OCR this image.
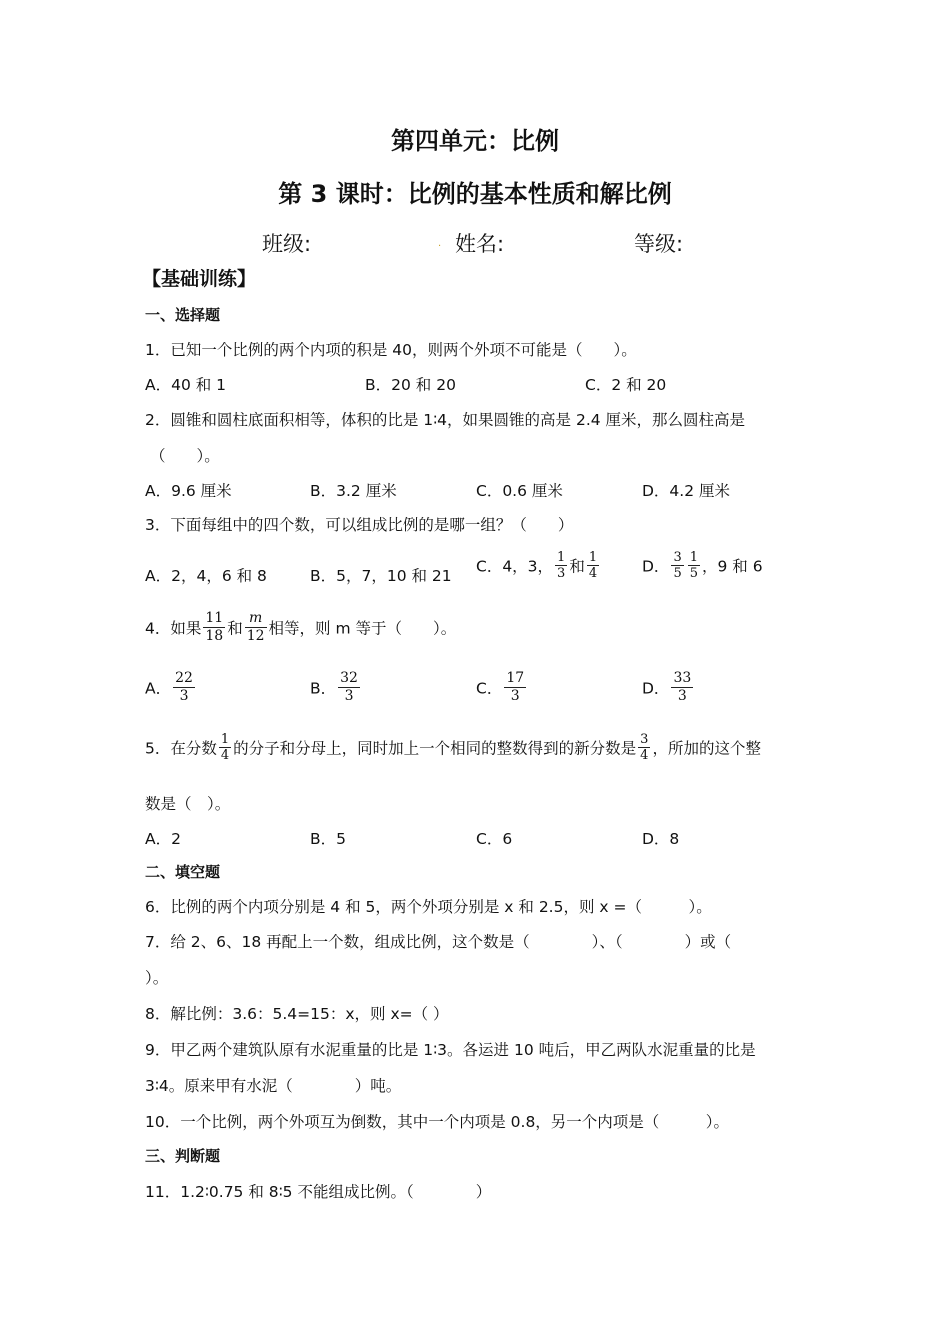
第四单元：比例
第 3 课时：比例的基本性质和解比例
班级:	. 姓名:	等级:
【基础训练】
一、选择题
1．已知一个比例的两个内项的积是 40，则两个外项不可能是（　　）。
A．40 和 1	B．20 和 20	C．2 和 20
2．圆锥和圆柱底面积相等，体积的比是 1∶4，如果圆锥的高是 2.4 厘米，那么圆柱高是
（　　）。
A．9.6 厘米	B．3.2 厘米	C．0.6 厘米	D．4.2 厘米
3．下面每组中的四个数，可以组成比例的是哪一组？（　　）
A．2，4，6 和 8	B．5，7，10 和 21
C．4，3， $\frac{1}{3}$ 和 $\frac{1}{4}$	D． $\frac{3}{5} \frac{1}{5}$ ，9 和 6
4．如果 $\frac{11}{18}$ 和 $\frac{m}{12}$ 相等，则 m 等于（　　）。
A． $\frac{22}{3}$	B． $\frac{32}{3}$	C． $\frac{17}{3}$	D． $\frac{33}{3}$
5．在分数 $\frac{1}{4}$ 的分子和分母上，同时加上一个相同的整数得到的新分数是 $\frac{3}{4}$ ，所加的这个整
数是（　）。
A．2	B．5	C．6	D．8
二、填空题
6．比例的两个内项分别是 4 和 5，两个外项分别是 x 和 2.5，则 x =（　　　）。
7．给 2、6、18 再配上一个数，组成比例，这个数是（　　　　）、（　　　　）或（
）。
8．解比例：3.6：5.4=15：x，则 x=（ ）
9．甲乙两个建筑队原有水泥重量的比是 1∶3。各运进 10 吨后，甲乙两队水泥重量的比是
3∶4。原来甲有水泥（　　　　）吨。
10．一个比例，两个外项互为倒数，其中一个内项是 0.8，另一个内项是（　　　）。
三、判断题
11．1.2∶0.75 和 8∶5 不能组成比例。（　　　　）
